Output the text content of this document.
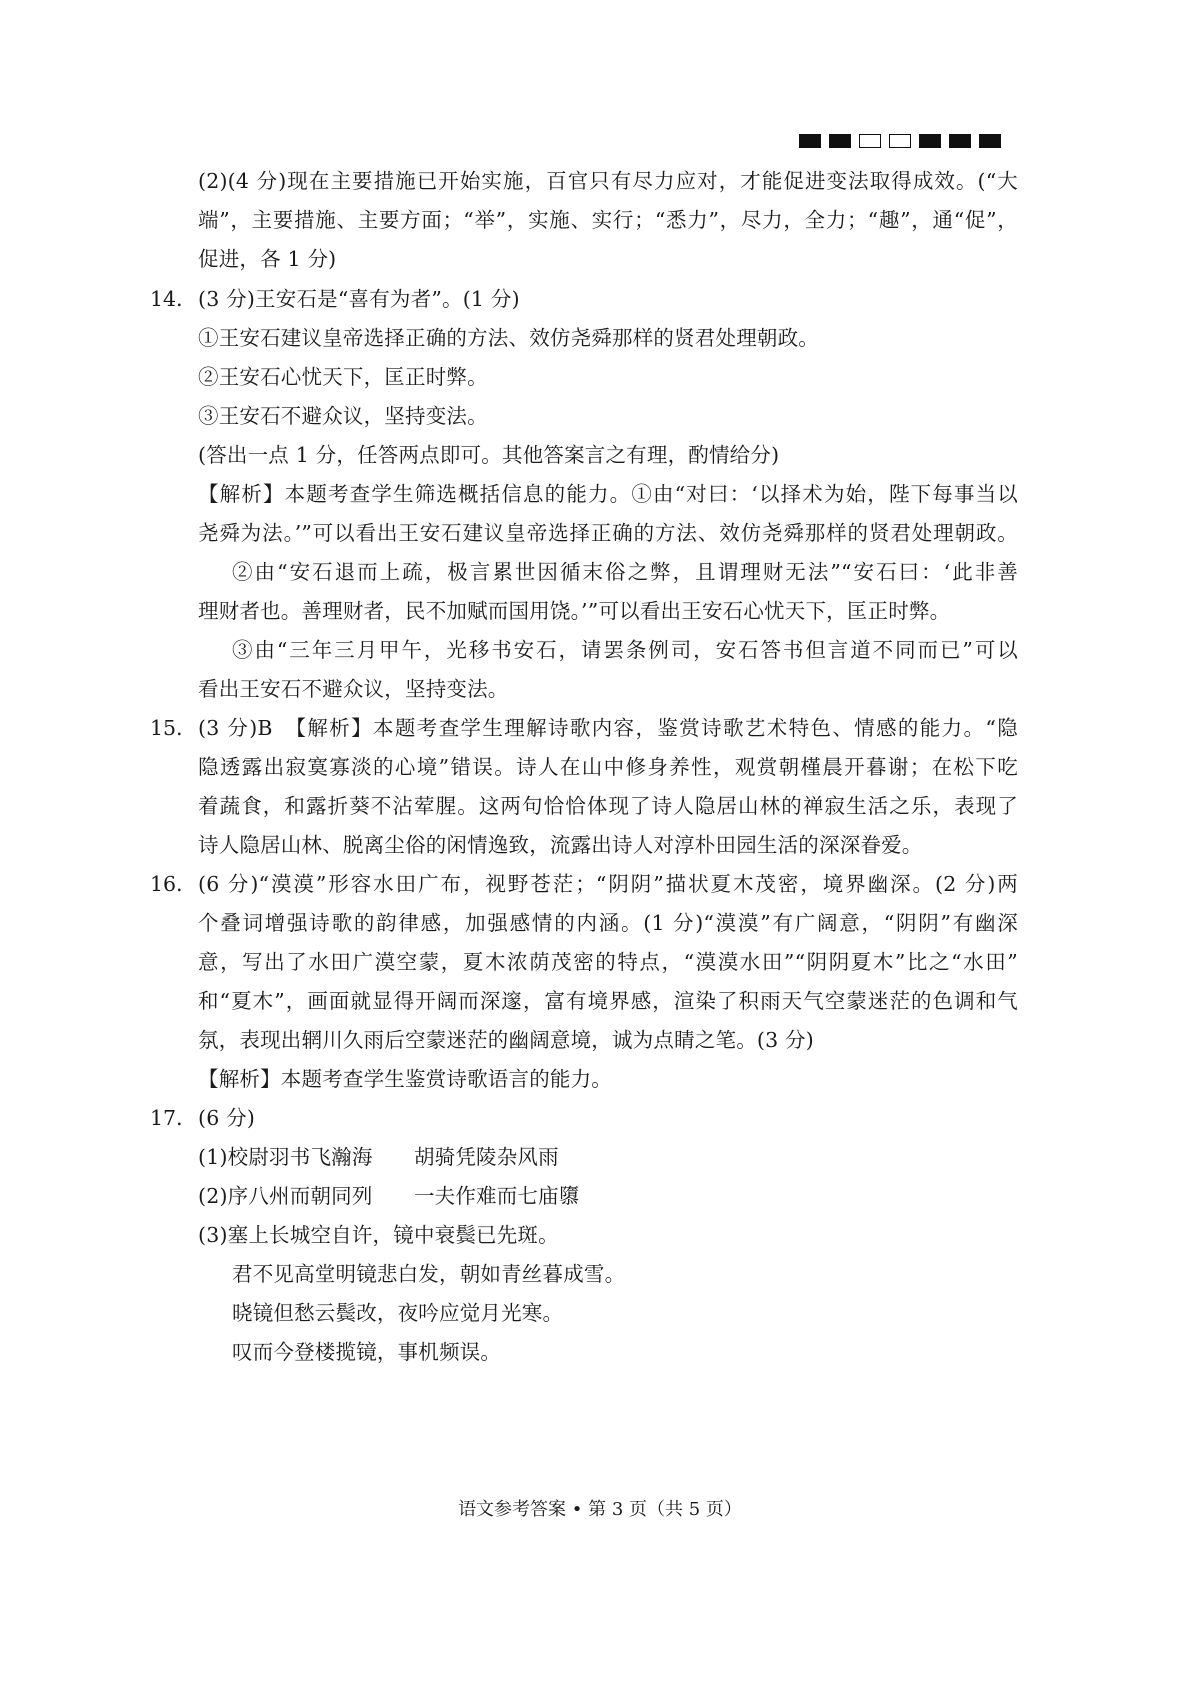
(2)(4 分)现在主要措施已开始实施，百官只有尽力应对，才能促进变法取得成效。(“大
端”，主要措施、主要方面；“举”，实施、实行；“悉力”，尽力，全力；“趣”，通“促”，
促进，各 1 分)
14． (3 分)王安石是“喜有为者”。(1 分)
①王安石建议皇帝选择正确的方法、效仿尧舜那样的贤君处理朝政。
②王安石心忧天下，匡正时弊。
③王安石不避众议，坚持变法。
(答出一点 1 分，任答两点即可。其他答案言之有理，酌情给分)
【解析】本题考查学生筛选概括信息的能力。①由“对曰：‘以择术为始，陛下每事当以
尧舜为法。’”可以看出王安石建议皇帝选择正确的方法、效仿尧舜那样的贤君处理朝政。
②由“安石退而上疏，极言累世因循末俗之弊，且谓理财无法”“安石曰：‘此非善
理财者也。善理财者，民不加赋而国用饶。’”可以看出王安石心忧天下，匡正时弊。
③由“三年三月甲午，光移书安石，请罢条例司，安石答书但言道不同而已”可以
看出王安石不避众议，坚持变法。
15． (3 分)B　【解析】本题考查学生理解诗歌内容，鉴赏诗歌艺术特色、情感的能力。“隐
隐透露出寂寞寡淡的心境”错误。诗人在山中修身养性，观赏朝槿晨开暮谢；在松下吃
着蔬食，和露折葵不沾荤腥。这两句恰恰体现了诗人隐居山林的禅寂生活之乐，表现了
诗人隐居山林、脱离尘俗的闲情逸致，流露出诗人对淳朴田园生活的深深眷爱。
16． (6 分)“漠漠”形容水田广布，视野苍茫；“阴阴”描状夏木茂密，境界幽深。(2 分)两
个叠词增强诗歌的韵律感，加强感情的内涵。(1 分)“漠漠”有广阔意，“阴阴”有幽深
意，写出了水田广漠空蒙，夏木浓荫茂密的特点，“漠漠水田”“阴阴夏木”比之“水田”
和“夏木”，画面就显得开阔而深邃，富有境界感，渲染了积雨天气空蒙迷茫的色调和气
氛，表现出辋川久雨后空蒙迷茫的幽阔意境，诚为点睛之笔。(3 分)
【解析】本题考查学生鉴赏诗歌语言的能力。
17． (6 分)
(1)校尉羽书飞瀚海　　胡骑凭陵杂风雨
(2)序八州而朝同列　　一夫作难而七庙隳
(3)塞上长城空自许，镜中衰鬓已先斑。
君不见高堂明镜悲白发，朝如青丝暮成雪。
晓镜但愁云鬓改，夜吟应觉月光寒。
叹而今登楼揽镜，事机频误。
语文参考答案 • 第 3 页（共 5 页）
